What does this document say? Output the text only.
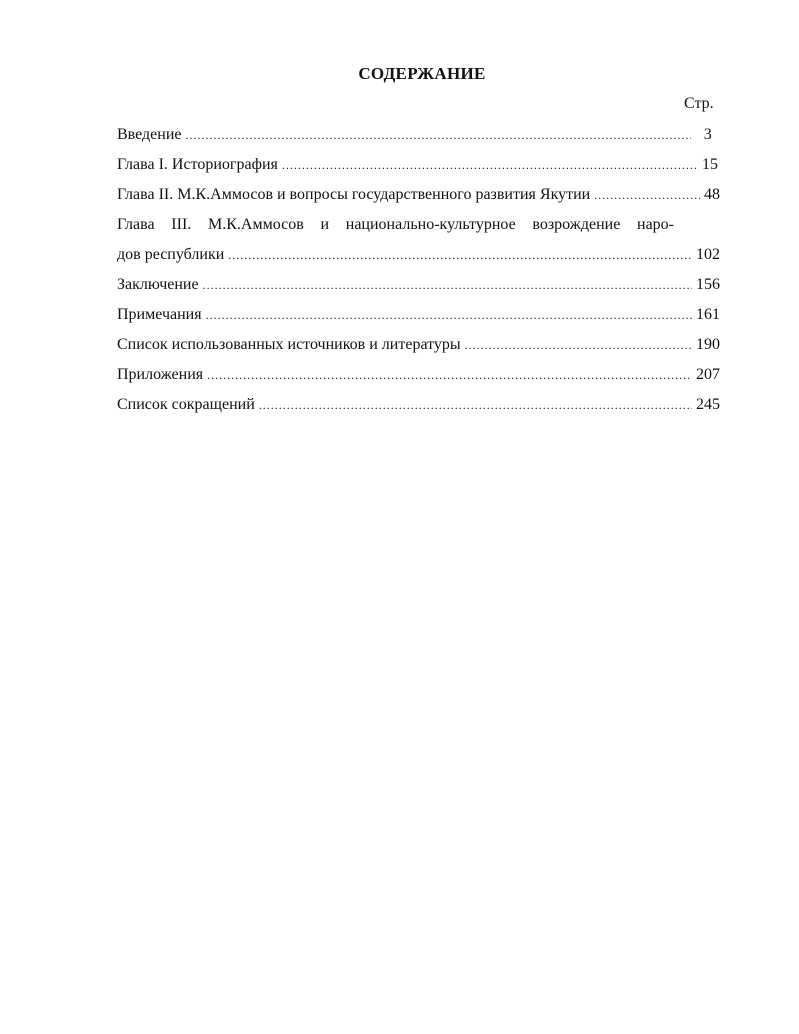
СОДЕРЖАНИЕ
Стр.
Введение .....	3
Глава I. Историография .....	15
Глава II. М.К.Аммосов и вопросы государственного развития Якутии .....	48
Глава III. М.К.Аммосов и национально-культурное возрождение наро-
дов республики .....	102
Заключение .....	156
Примечания .....	161
Список использованных источников и литературы .....	190
Приложения .....	207
Список сокращений .....	245
